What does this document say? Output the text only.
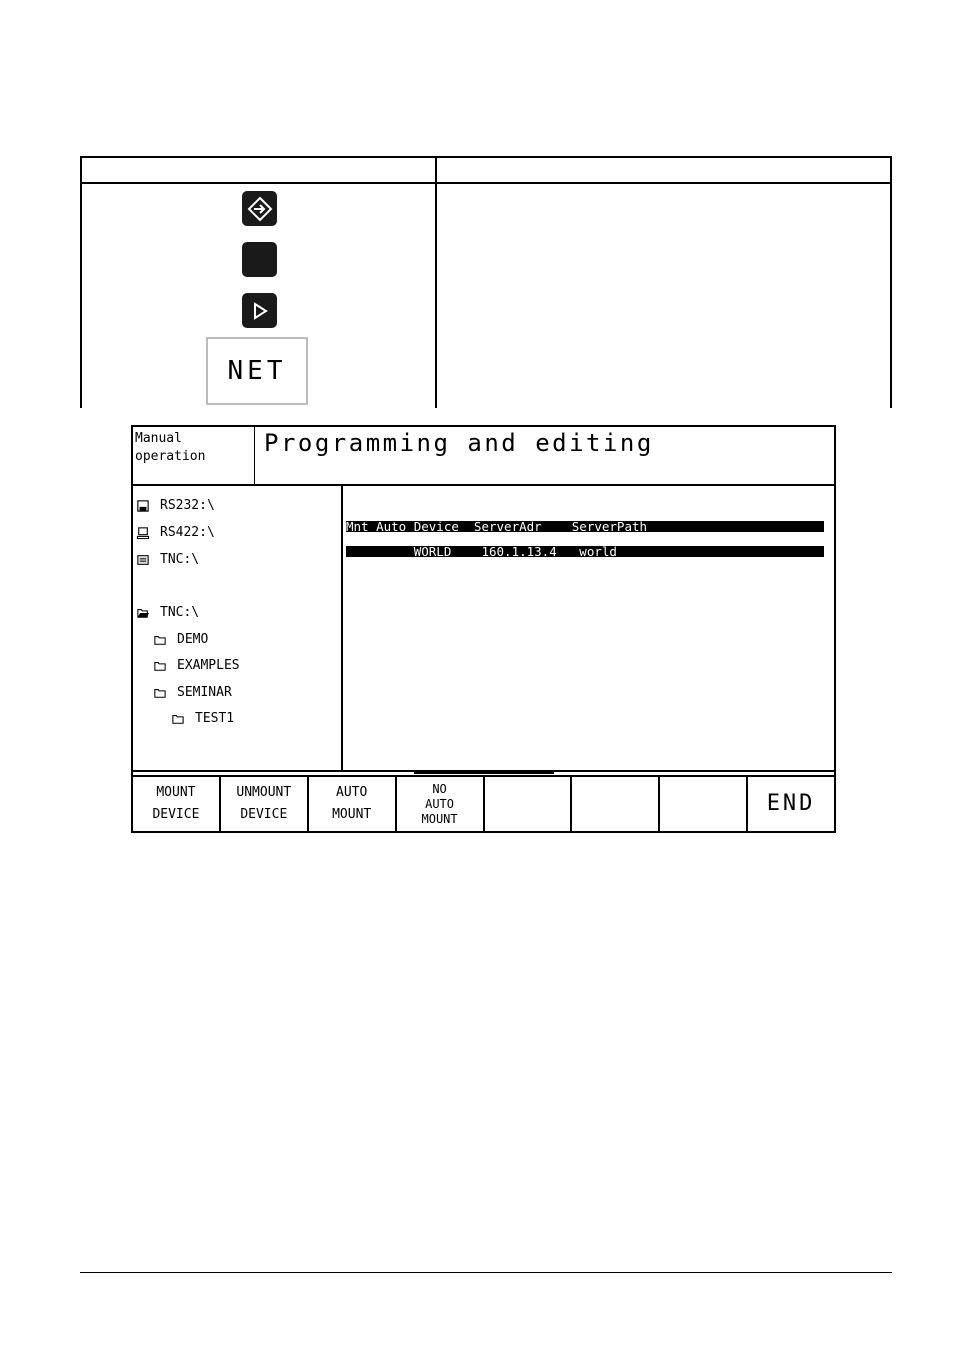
NET
Manual
operation Programming and editing
RS232:\
RS422:\
TNC:\
TNC:\
DEMO
EXAMPLES
SEMINAR
TEST1
Mnt Auto Device  ServerAdr    ServerPath
WORLD    160.1.13.4   world
MOUNT
DEVICE
UNMOUNT
DEVICE
AUTO
MOUNT
NO
AUTO
MOUNT
END
